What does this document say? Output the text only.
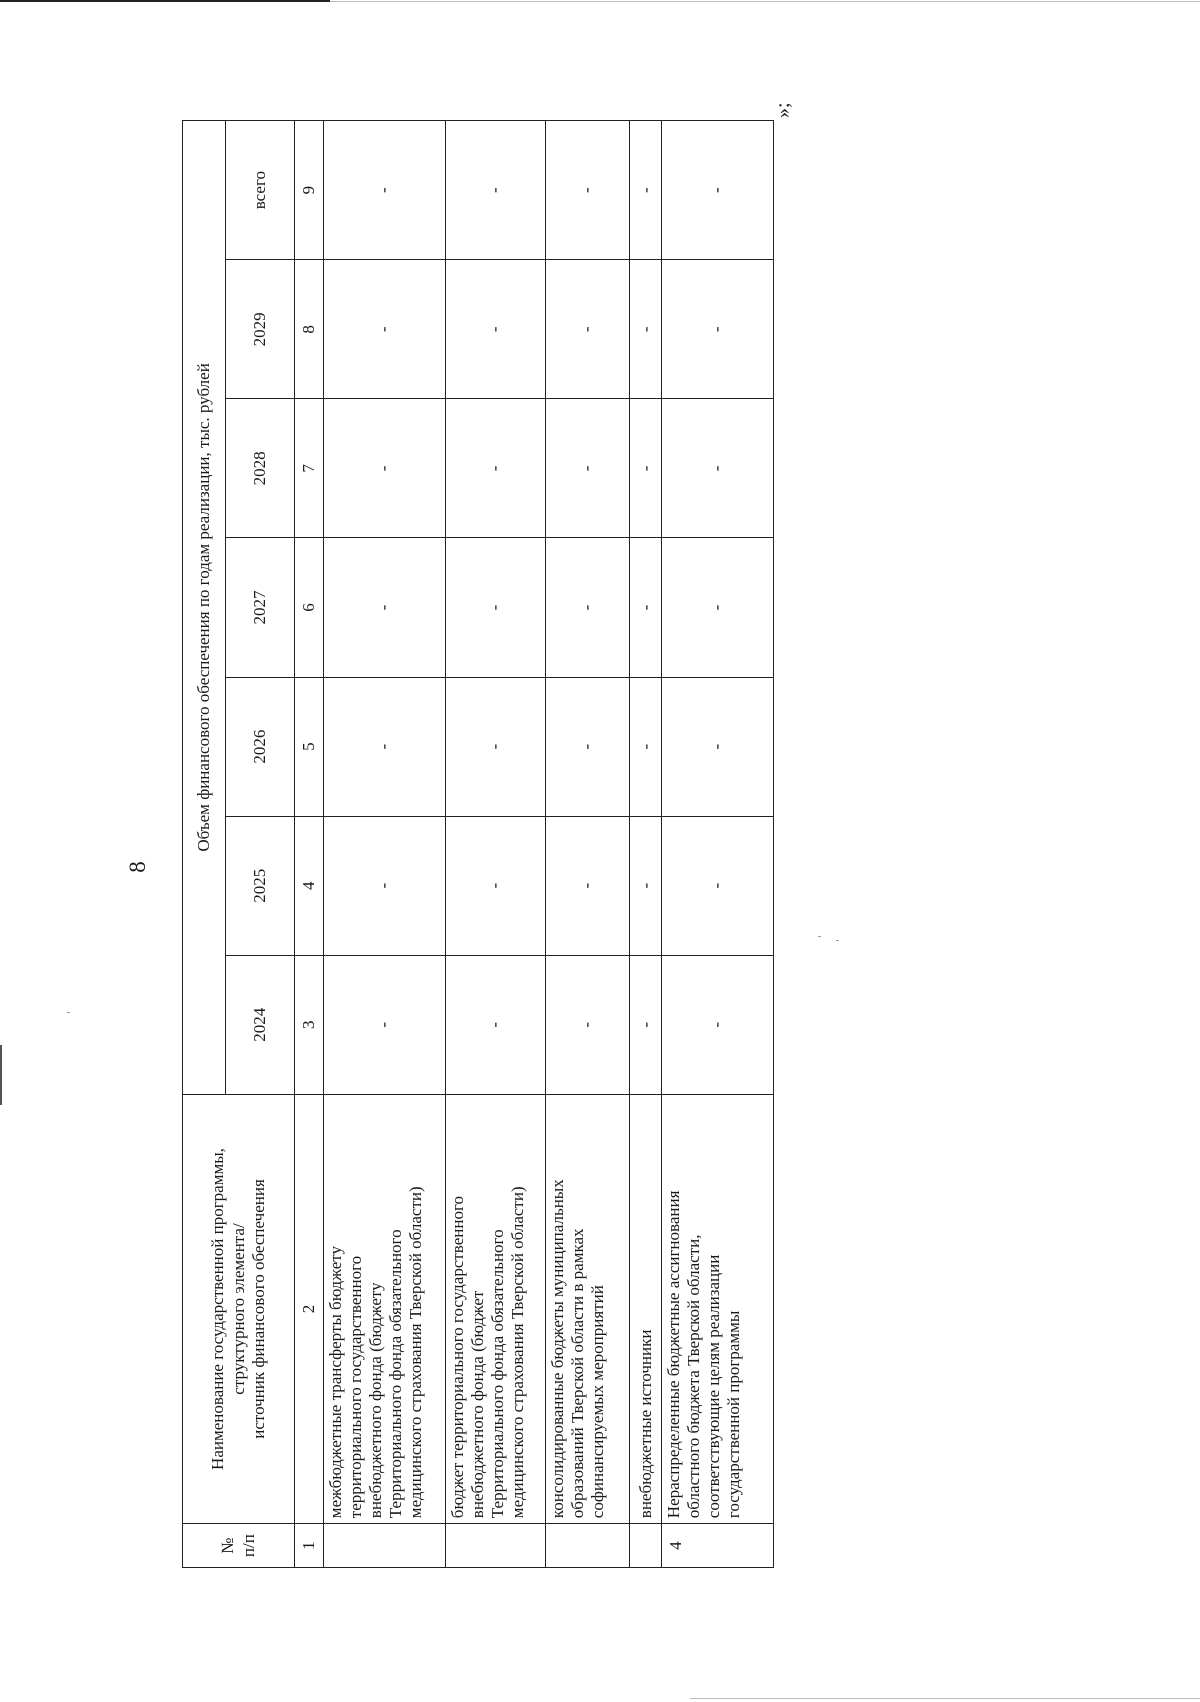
8
»;
№ п/п	Наименование государственной программы, структурного элемента/ источник финансового обеспечения	Объем финансового обеспечения по годам реализации, тыс. рублей						
		2024	2025	2026	2027	2028	2029	всего
1	2	3	4	5	6	7	8	9

	межбюджетные трансферты бюджету территориального государственного внебюджетного фонда (бюджету Территориального фонда обязательного медицинского страхования Тверской области)	-	-	-	-	-	-	-

	бюджет территориального государственного внебюджетного фонда (бюджет Территориального фонда обязательного медицинского страхования Тверской области)	-	-	-	-	-	-	-

	консолидированные бюджеты муниципальных образований Тверской области в рамках софинансируемых мероприятий	-	-	-	-	-	-	-

	внебюджетные источники	-	-	-	-	-	-	-
4	Нераспределенные бюджетные ассигнования областного бюджета Тверской области, соответствующие целям реализации государственной программы	-	-	-	-	-	-	-
